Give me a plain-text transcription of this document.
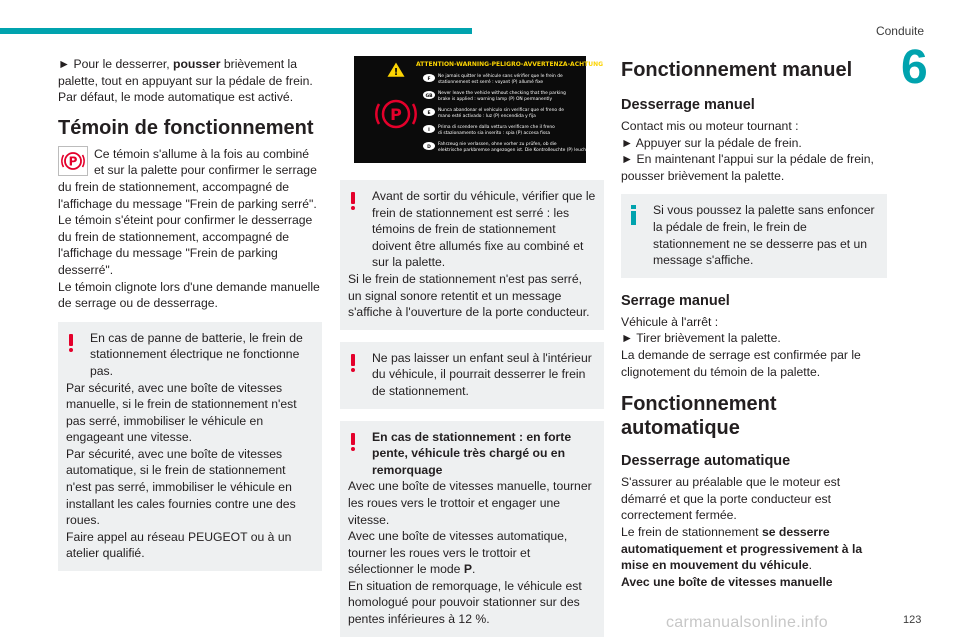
Conduite
6

► Pour le desserrer, pousser brièvement la palette, tout en appuyant sur la pédale de frein.

Par défaut, le mode automatique est activé.

Témoin de fonctionnement
P

Ce témoin s'allume à la fois au combiné et sur la palette pour confirmer le serrage du frein de stationnement, accompagné de l'affichage du message "Frein de parking serré".

Le témoin s'éteint pour confirmer le desserrage du frein de stationnement, accompagné de l'affichage du message "Frein de parking desserré".

Le témoin clignote lors d'une demande manuelle de serrage ou de desserrage.

En cas de panne de batterie, le frein de stationnement électrique ne fonctionne pas.

Par sécurité, avec une boîte de vitesses manuelle, si le frein de stationnement n'est pas serré, immobiliser le véhicule en engageant une vitesse.

Par sécurité, avec une boîte de vitesses automatique, si le frein de stationnement n'est pas serré, immobiliser le véhicule en installant les cales fournies contre une des roues.

Faire appel au réseau PEUGEOT ou à un atelier qualifié.

!
ATTENTION-WARNING-PELIGRO-AVVERTENZA-ACHTUNG
P
F
Ne jamais quitter le véhicule sans vérifier que le frein de
stationnement est serré : voyant (P) allumé fixe
GB
Never leave the vehicle without checking that the parking
brake is applied : warning lamp (P) ON permanently
E
Nunca abandonar el vehículo sin verificar que el freno de
mano esté activado : luz (P) encendida y fija
I
Prima di scendere dalla vettura verificare che il freno
di stazionamento sia inserito : spia (P) accesa fissa
D
Fahrzeug nie verlassen, ohne vorher zu prüfen, ob die
elektrische parkbremse angezogen ist. Die Kontrolleuchte (P) leuchtet dann permanent

Avant de sortir du véhicule, vérifier que le frein de stationnement est serré : les témoins de frein de stationnement doivent être allumés fixe au combiné et sur la palette.

Si le frein de stationnement n'est pas serré, un signal sonore retentit et un message s'affiche à l'ouverture de la porte conducteur.

Ne pas laisser un enfant seul à l'intérieur du véhicule, il pourrait desserrer le frein de stationnement.

En cas de stationnement : en forte pente, véhicule très chargé ou en remorquage

Avec une boîte de vitesses manuelle, tourner les roues vers le trottoir et engager une vitesse.

Avec une boîte de vitesses automatique, tourner les roues vers le trottoir et sélectionner le mode P.

En situation de remorquage, le véhicule est homologué pour pouvoir stationner sur des pentes inférieures à 12 %.

Fonctionnement manuel
Desserrage manuel

Contact mis ou moteur tournant :

► Appuyer sur la pédale de frein.

► En maintenant l'appui sur la pédale de frein, pousser brièvement la palette.

Si vous poussez la palette sans enfoncer la pédale de frein, le frein de stationnement ne se desserre pas et un message s'affiche.

Serrage manuel

Véhicule à l'arrêt :

► Tirer brièvement la palette.

La demande de serrage est confirmée par le clignotement du témoin de la palette.

Fonctionnement
automatique
Desserrage automatique

S'assurer au préalable que le moteur est démarré et que la porte conducteur est correctement fermée.

Le frein de stationnement se desserre automatiquement et progressivement à la mise en mouvement du véhicule.

Avec une boîte de vitesses manuelle

carmanualsonline.info	123
